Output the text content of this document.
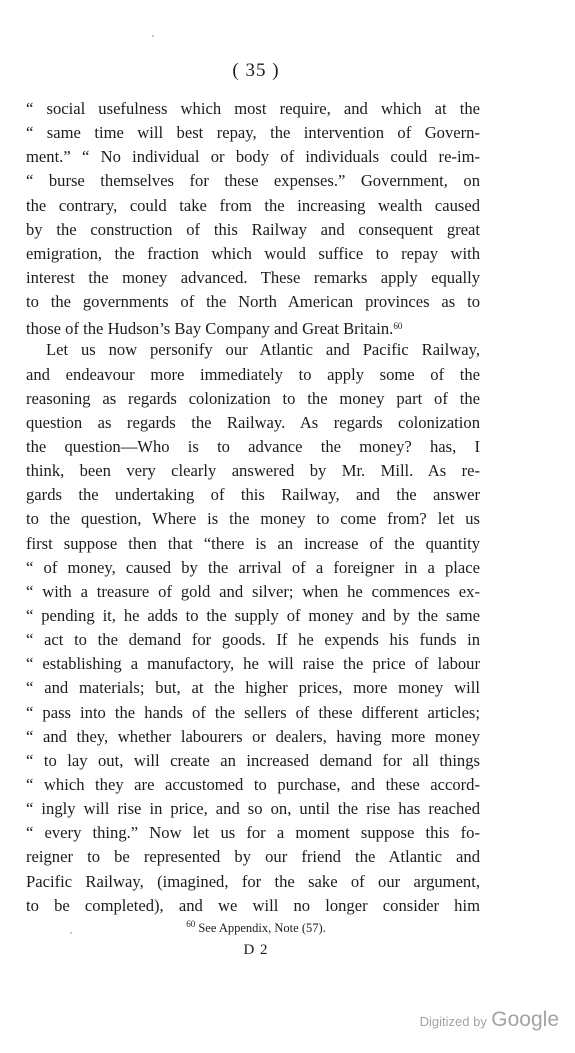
( 35 )
“ social usefulness which most require, and which at the
“ same time will best repay, the intervention of Govern-
ment.” “ No individual or body of individuals could re-im-
“ burse themselves for these expenses.” Government, on
the contrary, could take from the increasing wealth caused
by the construction of this Railway and consequent great
emigration, the fraction which would suffice to repay with
interest the money advanced. These remarks apply equally
to the governments of the North American provinces as to
those of the Hudson’s Bay Company and Great Britain.$^{60}$
Let us now personify our Atlantic and Pacific Railway,
and endeavour more immediately to apply some of the
reasoning as regards colonization to the money part of the
question as regards the Railway. As regards colonization
the question—Who is to advance the money? has, I
think, been very clearly answered by Mr. Mill. As re-
gards the undertaking of this Railway, and the answer
to the question, Where is the money to come from? let us
first suppose then that “there is an increase of the quantity
“ of money, caused by the arrival of a foreigner in a place
“ with a treasure of gold and silver; when he commences ex-
“ pending it, he adds to the supply of money and by the same
“ act to the demand for goods. If he expends his funds in
“ establishing a manufactory, he will raise the price of labour
“ and materials; but, at the higher prices, more money will
“ pass into the hands of the sellers of these different articles;
“ and they, whether labourers or dealers, having more money
“ to lay out, will create an increased demand for all things
“ which they are accustomed to purchase, and these accord-
“ ingly will rise in price, and so on, until the rise has reached
“ every thing.” Now let us for a moment suppose this fo-
reigner to be represented by our friend the Atlantic and
Pacific Railway, (imagined, for the sake of our argument,
to be completed), and we will no longer consider him
$^{60}$ See Appendix, Note (57).
D 2
Digitized by Google
